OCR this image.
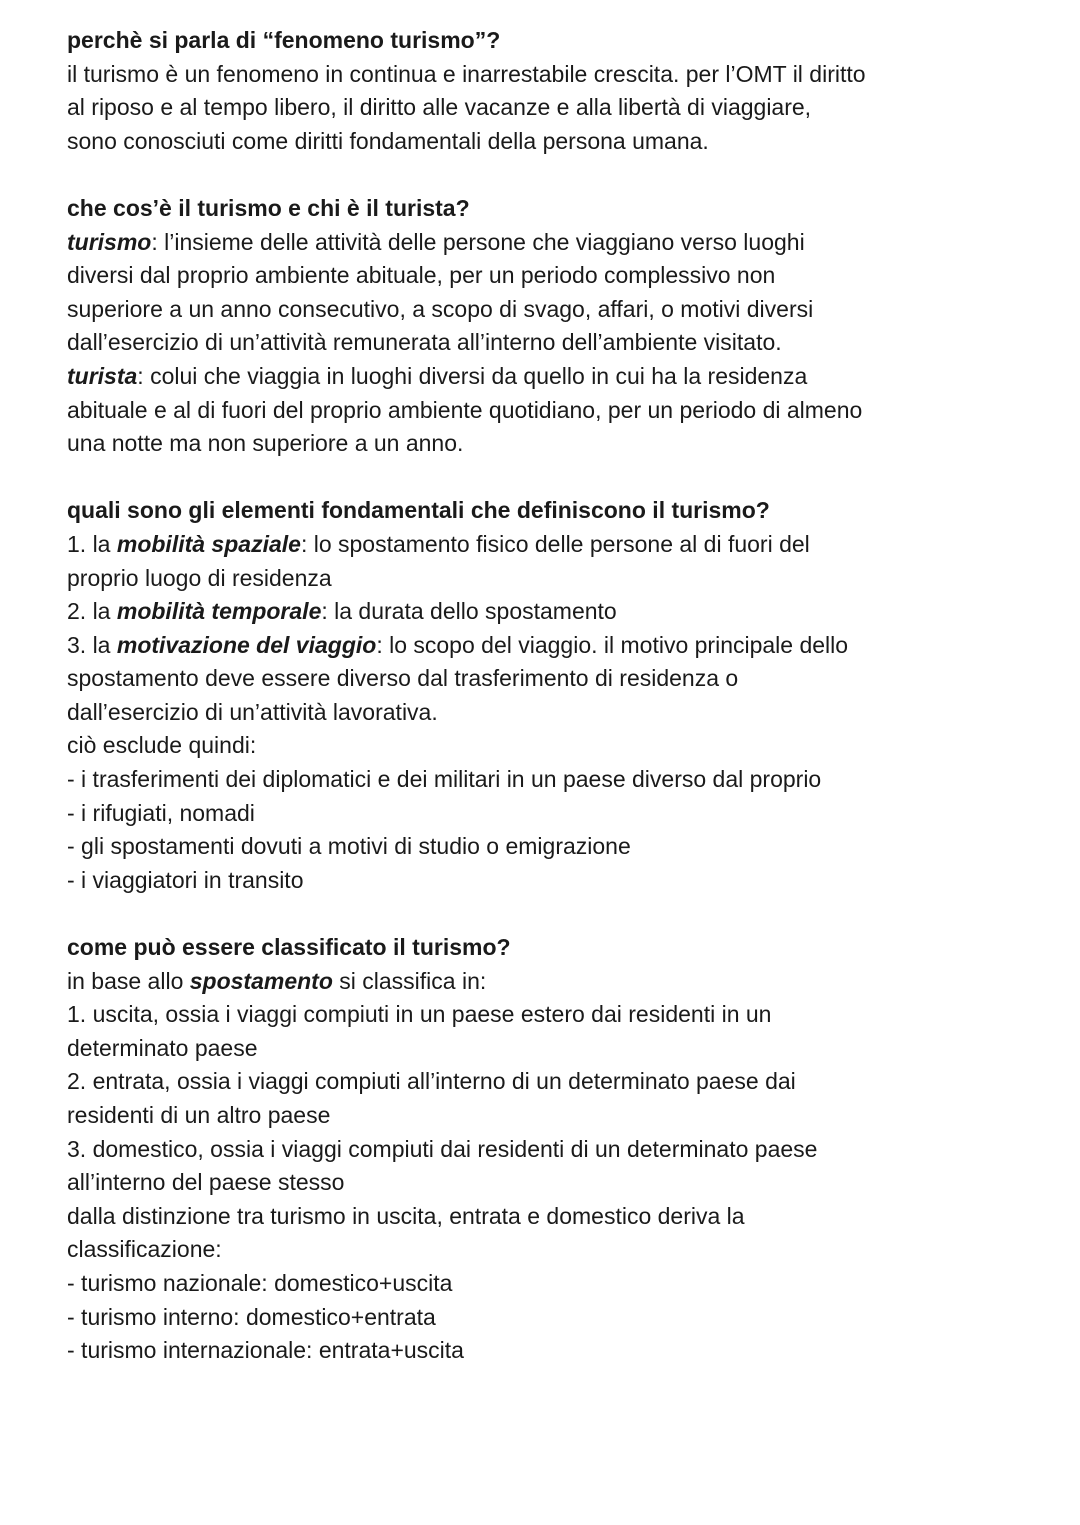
perchè si parla di “fenomeno turismo”?
il turismo è un fenomeno in continua e inarrestabile crescita. per l’OMT il diritto
al riposo e al tempo libero, il diritto alle vacanze e alla libertà di viaggiare,
sono conosciuti come diritti fondamentali della persona umana.
che cos’è il turismo e chi è il turista?
turismo: l’insieme delle attività delle persone che viaggiano verso luoghi
diversi dal proprio ambiente abituale, per un periodo complessivo non
superiore a un anno consecutivo, a scopo di svago, affari, o motivi diversi
dall’esercizio di un’attività remunerata all’interno dell’ambiente visitato.
turista: colui che viaggia in luoghi diversi da quello in cui ha la residenza
abituale e al di fuori del proprio ambiente quotidiano, per un periodo di almeno
una notte ma non superiore a un anno.
quali sono gli elementi fondamentali che definiscono il turismo?
1. la mobilità spaziale: lo spostamento fisico delle persone al di fuori del
proprio luogo di residenza
2. la mobilità temporale: la durata dello spostamento
3. la motivazione del viaggio: lo scopo del viaggio. il motivo principale dello
spostamento deve essere diverso dal trasferimento di residenza o
dall’esercizio di un’attività lavorativa.
ciò esclude quindi:
- i trasferimenti dei diplomatici e dei militari in un paese diverso dal proprio
- i rifugiati, nomadi
- gli spostamenti dovuti a motivi di studio o emigrazione
- i viaggiatori in transito
come può essere classificato il turismo?
in base allo spostamento si classifica in:
1. uscita, ossia i viaggi compiuti in un paese estero dai residenti in un
determinato paese
2. entrata, ossia i viaggi compiuti all’interno di un determinato paese dai
residenti di un altro paese
3. domestico, ossia i viaggi compiuti dai residenti di un determinato paese
all’interno del paese stesso
dalla distinzione tra turismo in uscita, entrata e domestico deriva la
classificazione:
- turismo nazionale: domestico+uscita
- turismo interno: domestico+entrata
- turismo internazionale: entrata+uscita
